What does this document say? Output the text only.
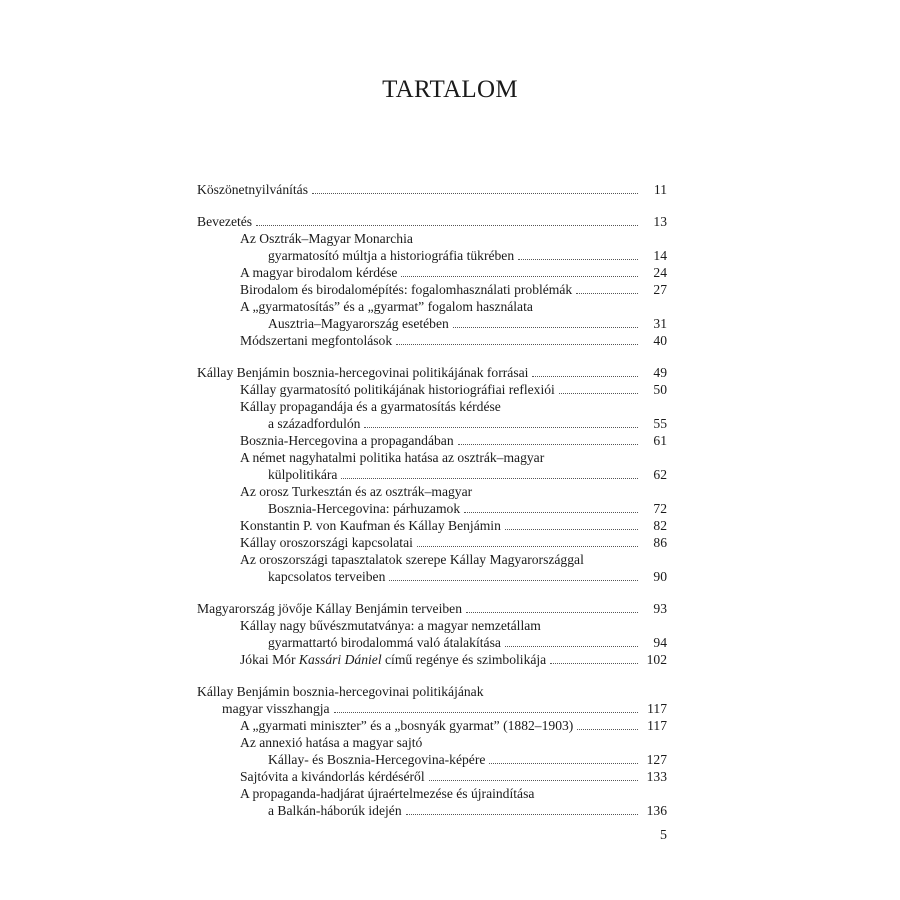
TARTALOM
Köszönetnyilvánítás	11
Bevezetés	13
Az Osztrák–Magyar Monarchia
gyarmatosító múltja a historiográfia tükrében	14
A magyar birodalom kérdése	24
Birodalom és birodalomépítés: fogalomhasználati problémák	27
A „gyarmatosítás” és a „gyarmat” fogalom használata
Ausztria–Magyarország esetében	31
Módszertani megfontolások	40
Kállay Benjámin bosznia-hercegovinai politikájának forrásai	49
Kállay gyarmatosító politikájának historiográfiai reflexiói	50
Kállay propagandája és a gyarmatosítás kérdése
a századfordulón	55
Bosznia-Hercegovina a propagandában	61
A német nagyhatalmi politika hatása az osztrák–magyar
külpolitikára	62
Az orosz Turkesztán és az osztrák–magyar
Bosznia-Hercegovina: párhuzamok	72
Konstantin P. von Kaufman és Kállay Benjámin	82
Kállay oroszországi kapcsolatai	86
Az oroszországi tapasztalatok szerepe Kállay Magyarországgal
kapcsolatos terveiben	90
Magyarország jövője Kállay Benjámin terveiben	93
Kállay nagy bűvészmutatványa: a magyar nemzetállam
gyarmattartó birodalommá való átalakítása	94
Jókai Mór Kassári Dániel című regénye és szimbolikája	102
Kállay Benjámin bosznia-hercegovinai politikájának
magyar visszhangja	117
A „gyarmati miniszter” és a „bosnyák gyarmat” (1882–1903)	117
Az annexió hatása a magyar sajtó
Kállay- és Bosznia-Hercegovina-képére	127
Sajtóvita a kivándorlás kérdéséről	133
A propaganda-hadjárat újraértelmezése és újraindítása
a Balkán-háborúk idején	136
5
